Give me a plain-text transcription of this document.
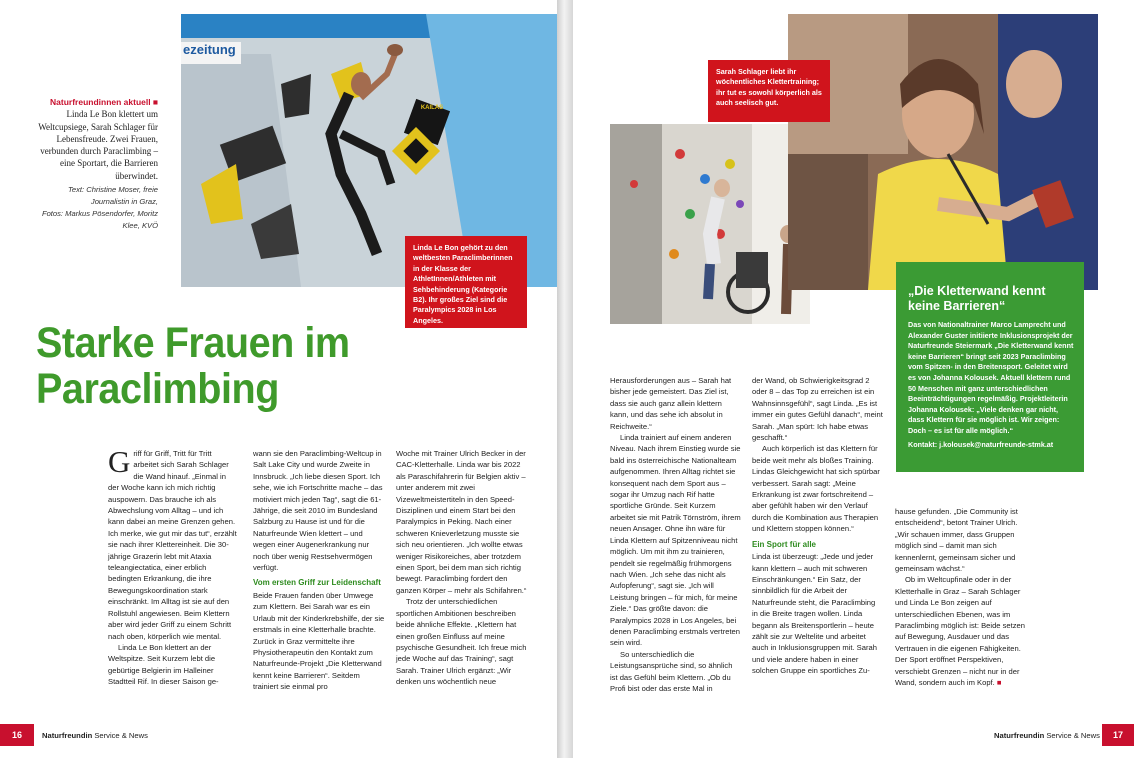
ezeitung
KAILAS
Linda Le Bon gehört zu den weltbesten Paraclimberinnen in der Klasse der AthletInnen/Athleten mit Sehbehinderung (Kategorie B2). Ihr großes Ziel sind die Paralympics 2028 in Los Angeles.
Naturfreundinnen aktuell ■ Linda Le Bon klettert um Weltcupsiege, Sarah Schlager für Lebensfreude. Zwei Frauen, verbunden durch Paraclimbing – eine Sportart, die Barrieren überwindet.
Text: Christine Moser, freie Journalistin in Graz,
Fotos: Markus Pösendorfer, Moritz Klee, KVÖ
Starke Frauen im
Paraclimbing

Griff für Griff, Tritt für Tritt arbeitet sich Sarah Schlager die Wand hinauf. „Einmal in der Woche kann ich mich richtig auspowern. Das brauche ich als Abwechslung vom Alltag – und ich kann dabei an meine Grenzen gehen. Ich merke, wie gut mir das tut“, erzählt sie nach ihrer Klettereinheit. Die 30-jährige Grazerin lebt mit Ataxia teleangiectatica, einer erblich bedingten Erkrankung, die ihre Bewegungskoordination stark einschränkt. Im Alltag ist sie auf den Rollstuhl angewiesen. Beim Klettern aber wird jeder Griff zu einem Schritt nach oben, körperlich wie mental.

Linda Le Bon klettert an der Weltspitze. Seit Kurzem lebt die gebürtige Belgierin im Halleiner Stadtteil Rif. In dieser Saison ge-

wann sie den Paraclimbing-Weltcup in Salt Lake City und wurde Zweite in Innsbruck. „Ich liebe diesen Sport. Ich sehe, wie ich Fortschritte mache – das motiviert mich jeden Tag“, sagt die 61-Jährige, die seit 2010 im Bundesland Salzburg zu Hause ist und für die Naturfreunde Wien klettert – und wegen einer Augenerkrankung nur noch über wenig Restsehvermögen verfügt.

Vom ersten Griff zur Leidenschaft

Beide Frauen fanden über Umwege zum Klettern. Bei Sarah war es ein Urlaub mit der Kinderkrebshilfe, der sie erstmals in eine Kletterhalle brachte. Zurück in Graz vermittelte ihre Physiotherapeutin den Kontakt zum Naturfreunde-Projekt „Die Kletterwand kennt keine Barrieren“. Seitdem trainiert sie einmal pro

Woche mit Trainer Ulrich Becker in der CAC-Kletterhalle. Linda war bis 2022 als Paraschifahrerin für Belgien aktiv – unter anderem mit zwei Vizeweltmeistertiteln in den Speed-Disziplinen und einem Start bei den Paralympics in Peking. Nach einer schweren Knieverletzung musste sie sich neu orientieren. „Ich wollte etwas weniger Risikoreiches, aber trotzdem einen Sport, bei dem man sich richtig bewegt. Paraclimbing fordert den ganzen Körper – mehr als Schifahren.“

Trotz der unterschiedlichen sportlichen Ambitionen beschreiben beide ähnliche Effekte. „Klettern hat einen großen Einfluss auf meine psychische Gesundheit. Ich freue mich jede Woche auf das Training“, sagt Sarah. Trainer Ulrich ergänzt: „Wir denken uns wöchentlich neue

16	Naturfreundin Service & News
Sarah Schlager liebt ihr wöchentliches Klettertraining; ihr tut es sowohl körperlich als auch seelisch gut.

Herausforderungen aus – Sarah hat bisher jede gemeistert. Das Ziel ist, dass sie auch ganz allein klettern kann, und das sehe ich absolut in Reichweite.“

Linda trainiert auf einem anderen Niveau. Nach ihrem Einstieg wurde sie bald ins österreichische Nationalteam aufgenommen. Ihren Alltag richtet sie konsequent nach dem Sport aus – sogar ihr Umzug nach Rif hatte sportliche Gründe. Seit Kurzem arbeitet sie mit Patrik Törnström, ihrem neuen Ansager. Ohne ihn wäre für Linda Klettern auf Spitzenniveau nicht möglich. Um mit ihm zu trainieren, pendelt sie regelmäßig frühmorgens nach Wien. „Ich sehe das nicht als Aufopferung“, sagt sie. „Ich will Leistung bringen – für mich, für meine Ziele.“ Das größte davon: die Paralympics 2028 in Los Angeles, bei denen Paraclimbing erstmals vertreten sein wird.

So unterschiedlich die Leistungsansprüche sind, so ähnlich ist das Gefühl beim Klettern. „Ob du Profi bist oder das erste Mal in

der Wand, ob Schwierigkeitsgrad 2 oder 8 – das Top zu erreichen ist ein Wahnsinnsgefühl“, sagt Linda. „Es ist immer ein gutes Gefühl danach“, meint Sarah. „Man spürt: Ich habe etwas geschafft.“

Auch körperlich ist das Klettern für beide weit mehr als bloßes Training. Lindas Gleichgewicht hat sich spürbar verbessert. Sarah sagt: „Meine Erkrankung ist zwar fortschreitend – aber gefühlt haben wir den Verlauf durch die Kombination aus Therapien und Klettern stoppen können.“

Ein Sport für alle

Linda ist überzeugt: „Jede und jeder kann klettern – auch mit schweren Einschränkungen.“ Ein Satz, der sinnbildlich für die Arbeit der Naturfreunde steht, die Paraclimbing in die Breite tragen wollen. Linda begann als Breitensportlerin – heute zählt sie zur Weltelite und arbeitet auch in Inklusionsgruppen mit. Sarah und viele andere haben in einer solchen Gruppe ein sportliches Zu-

hause gefunden. „Die Community ist entscheidend“, betont Trainer Ulrich. „Wir schauen immer, dass Gruppen möglich sind – damit man sich kennenlernt, gemeinsam sicher und gemeinsam wächst.“

Ob im Weltcupfinale oder in der Kletterhalle in Graz – Sarah Schlager und Linda Le Bon zeigen auf unterschiedlichen Ebenen, was im Paraclimbing möglich ist: Beide setzen auf Bewegung, Ausdauer und das Vertrauen in die eigenen Fähigkeiten. Der Sport eröffnet Perspektiven, verschiebt Grenzen – nicht nur in der Wand, sondern auch im Kopf. ■

17
Naturfreundin Service & News
„Die Kletterwand kennt keine Barrieren“
Das von Nationaltrainer Marco Lamprecht und Alexander Guster initiierte Inklusionsprojekt der Naturfreunde Steiermark „Die Kletterwand kennt keine Barrieren“ bringt seit 2023 Paraclimbing vom Spitzen- in den Breitensport. Geleitet wird es von Johanna Kolousek. Aktuell klettern rund 50 Menschen mit ganz unterschiedlichen Beeinträchtigungen regelmäßig. Projektleiterin Johanna Kolousek: „Viele denken gar nicht, dass Klettern für sie möglich ist. Wir zeigen: Doch – es ist für alle möglich.“
Kontakt: j.kolousek@naturfreunde-stmk.at
